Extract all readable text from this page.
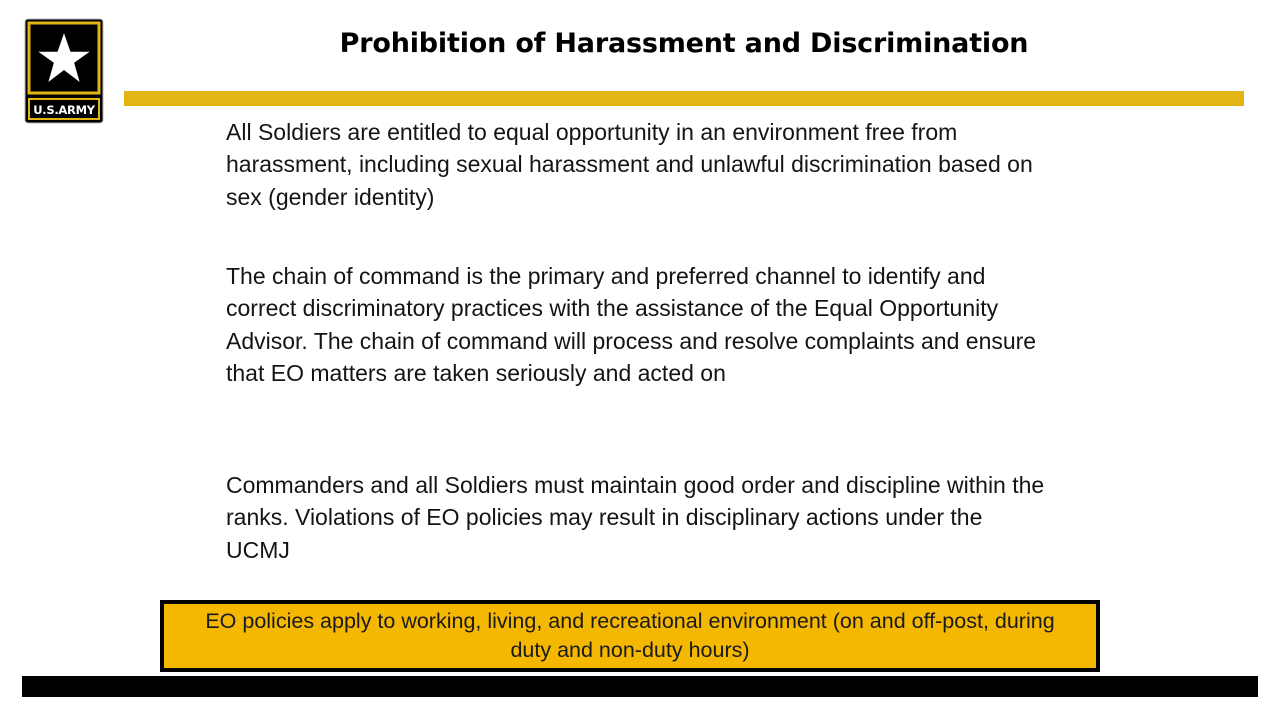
U.S.ARMY
Prohibition of Harassment and Discrimination

All Soldiers are entitled to equal opportunity in an environment free from harassment, including sexual harassment and unlawful discrimination based on sex (gender identity)

The chain of command is the primary and preferred channel to identify and correct discriminatory practices with the assistance of the Equal Opportunity Advisor. The chain of command will process and resolve complaints and ensure that EO matters are taken seriously and acted on

Commanders and all Soldiers must maintain good order and discipline within the ranks. Violations of EO policies may result in disciplinary actions under the UCMJ

EO policies apply to working, living, and recreational environment (on and off-post, during duty and non-duty hours)
